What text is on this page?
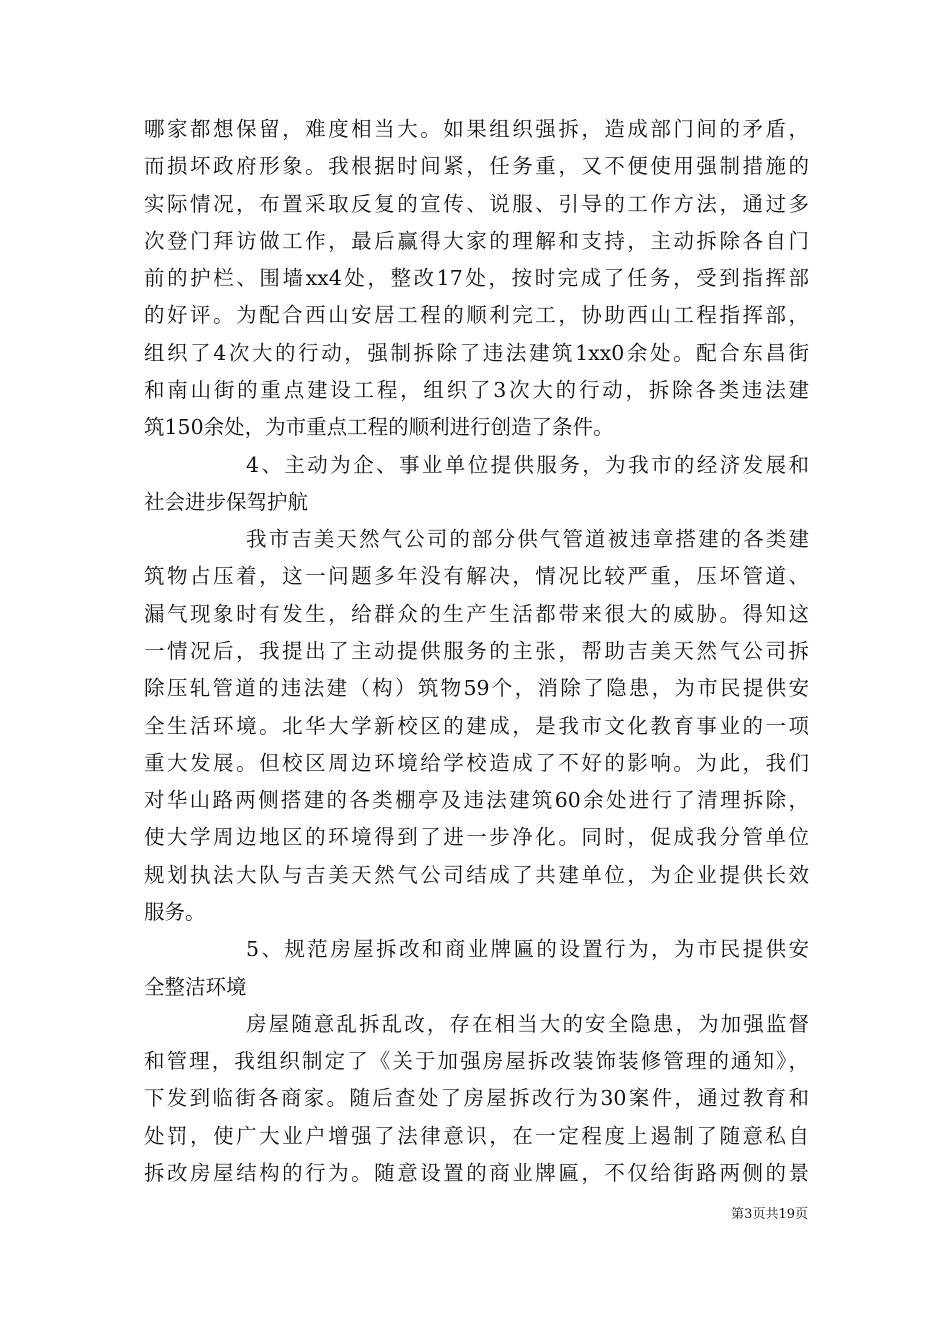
哪家都想保留，难度相当大。如果组织强拆，造成部门间的矛盾，
而损坏政府形象。我根据时间紧，任务重，又不便使用强制措施的
实际情况，布置采取反复的宣传、说服、引导的工作方法，通过多
次登门拜访做工作，最后赢得大家的理解和支持，主动拆除各自门
前的护栏、围墙xx4处，整改17处，按时完成了任务，受到指挥部
的好评。为配合西山安居工程的顺利完工，协助西山工程指挥部，
组织了4次大的行动，强制拆除了违法建筑1xx0余处。配合东昌街
和南山街的重点建设工程，组织了3次大的行动，拆除各类违法建
筑150余处，为市重点工程的顺利进行创造了条件。
4、主动为企、事业单位提供服务，为我市的经济发展和
社会进步保驾护航
我市吉美天然气公司的部分供气管道被违章搭建的各类建
筑物占压着，这一问题多年没有解决，情况比较严重，压坏管道、
漏气现象时有发生，给群众的生产生活都带来很大的威胁。得知这
一情况后，我提出了主动提供服务的主张，帮助吉美天然气公司拆
除压轧管道的违法建（构）筑物59个，消除了隐患，为市民提供安
全生活环境。北华大学新校区的建成，是我市文化教育事业的一项
重大发展。但校区周边环境给学校造成了不好的影响。为此，我们
对华山路两侧搭建的各类棚亭及违法建筑60余处进行了清理拆除，
使大学周边地区的环境得到了进一步净化。同时，促成我分管单位
规划执法大队与吉美天然气公司结成了共建单位，为企业提供长效
服务。
5、规范房屋拆改和商业牌匾的设置行为，为市民提供安
全整洁环境
房屋随意乱拆乱改，存在相当大的安全隐患，为加强监督
和管理，我组织制定了《关于加强房屋拆改装饰装修管理的通知》，
下发到临街各商家。随后查处了房屋拆改行为30案件，通过教育和
处罚，使广大业户增强了法律意识，在一定程度上遏制了随意私自
拆改房屋结构的行为。随意设置的商业牌匾，不仅给街路两侧的景
第3页共19页
